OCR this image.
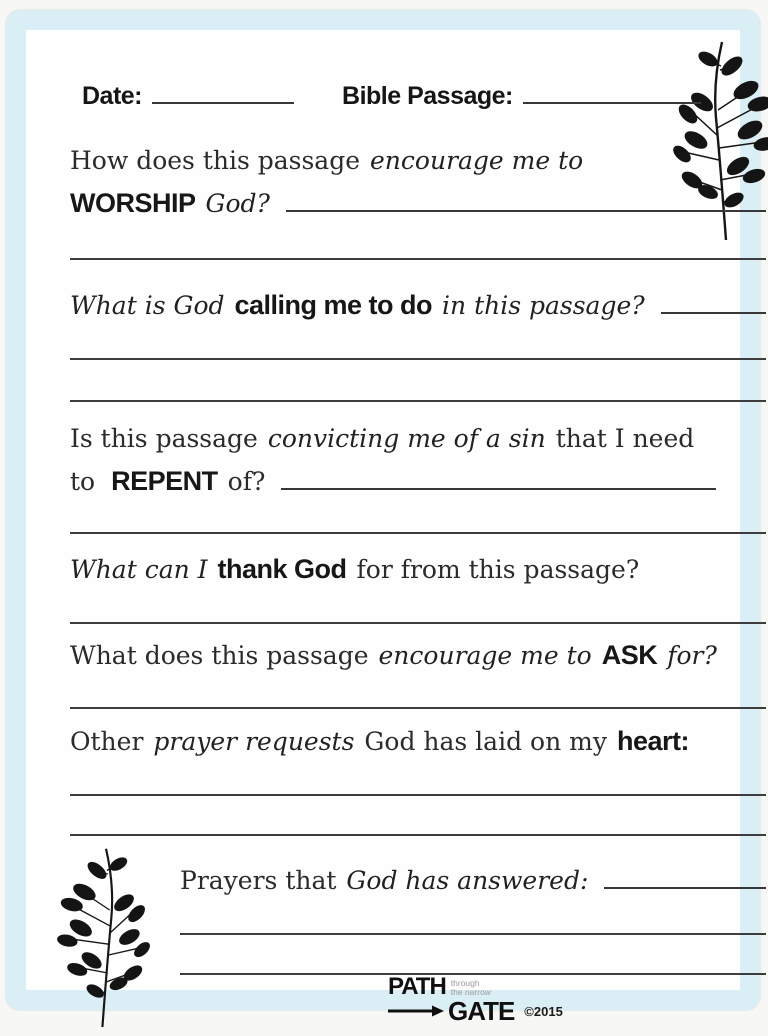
Date:	Bible Passage:
How does this passage encourage me to
WORSHIP God?
What is God calling me to do in this passage?
Is this passage convicting me of a sin that I need
to REPENT of?
What can I thank God for from this passage?
What does this passage encourage me to ASK for?
Other prayer requests God has laid on my heart:
Prayers that God has answered:
PATH through
the narrow
GATE ©2015
